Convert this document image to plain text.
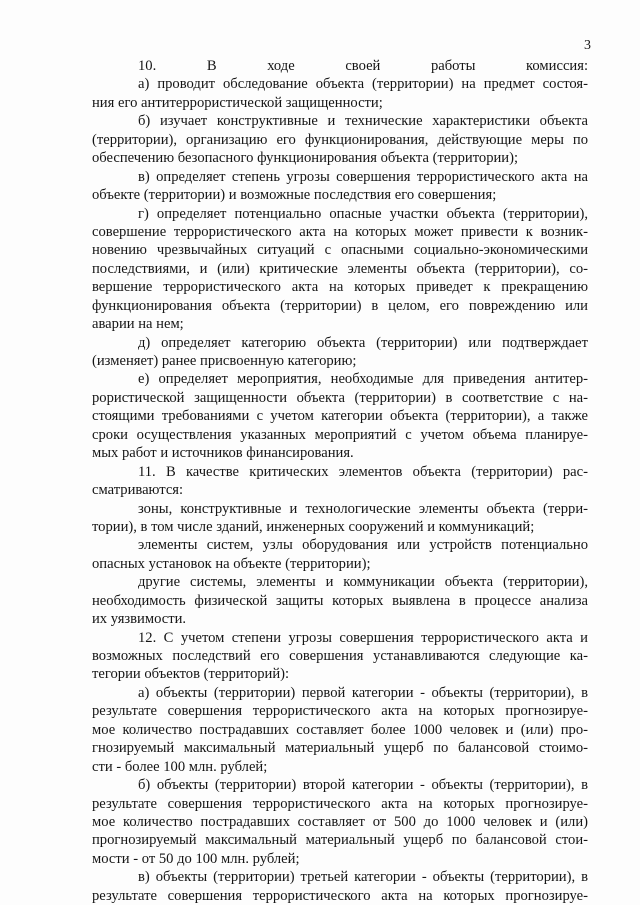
3
10. В ходе своей работы комиссия:
а) проводит обследование объекта (территории) на предмет состоя-
ния его антитеррористической защищенности;
б) изучает конструктивные и технические характеристики объекта
(территории), организацию его функционирования, действующие меры по
обеспечению безопасного функционирования объекта (территории);
в) определяет степень угрозы совершения террористического акта на
объекте (территории) и возможные последствия его совершения;
г) определяет потенциально опасные участки объекта (территории),
совершение террористического акта на которых может привести к возник-
новению чрезвычайных ситуаций с опасными социально-экономическими
последствиями, и (или) критические элементы объекта (территории), со-
вершение террористического акта на которых приведет к прекращению
функционирования объекта (территории) в целом, его повреждению или
аварии на нем;
д) определяет категорию объекта (территории) или подтверждает
(изменяет) ранее присвоенную категорию;
е) определяет мероприятия, необходимые для приведения антитер-
рористической защищенности объекта (территории) в соответствие с на-
стоящими требованиями с учетом категории объекта (территории), а также
сроки осуществления указанных мероприятий с учетом объема планируе-
мых работ и источников финансирования.
11. В качестве критических элементов объекта (территории) рас-
сматриваются:
зоны, конструктивные и технологические элементы объекта (терри-
тории), в том числе зданий, инженерных сооружений и коммуникаций;
элементы систем, узлы оборудования или устройств потенциально
опасных установок на объекте (территории);
другие системы, элементы и коммуникации объекта (территории),
необходимость физической защиты которых выявлена в процессе анализа
их уязвимости.
12. С учетом степени угрозы совершения террористического акта и
возможных последствий его совершения устанавливаются следующие ка-
тегории объектов (территорий):
а) объекты (территории) первой категории - объекты (территории), в
результате совершения террористического акта на которых прогнозируе-
мое количество пострадавших составляет более 1000 человек и (или) про-
гнозируемый максимальный материальный ущерб по балансовой стоимо-
сти - более 100 млн. рублей;
б) объекты (территории) второй категории - объекты (территории), в
результате совершения террористического акта на которых прогнозируе-
мое количество пострадавших составляет от 500 до 1000 человек и (или)
прогнозируемый максимальный материальный ущерб по балансовой стои-
мости - от 50 до 100 млн. рублей;
в) объекты (территории) третьей категории - объекты (территории), в
результате совершения террористического акта на которых прогнозируе-
